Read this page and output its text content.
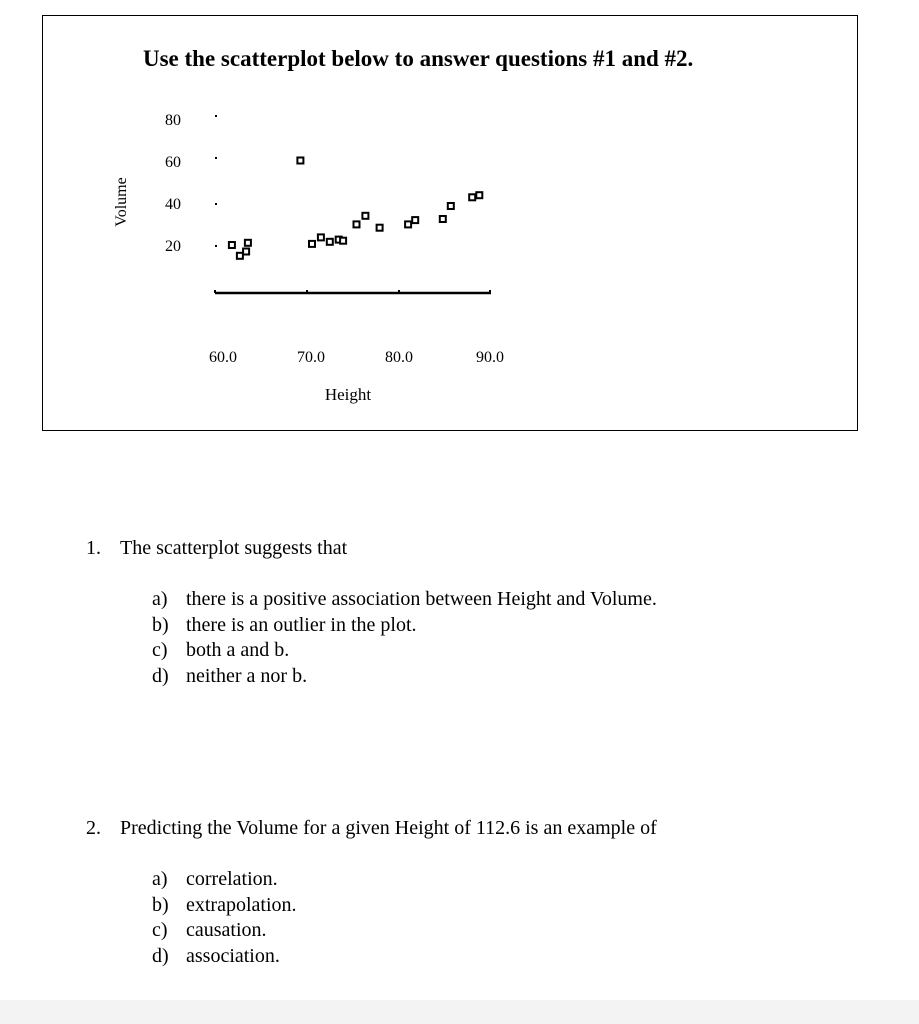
Use the scatterplot below to answer questions #1 and #2.
Volume
80
60
40
20
60.0	70.0	80.0	90.0
Height
1. The scatterplot suggests that
a) there is a positive association between Height and Volume.
b) there is an outlier in the plot.
c) both a and b.
d) neither a nor b.
2. Predicting the Volume for a given Height of 112.6 is an example of
a) correlation.
b) extrapolation.
c) causation.
d) association.
